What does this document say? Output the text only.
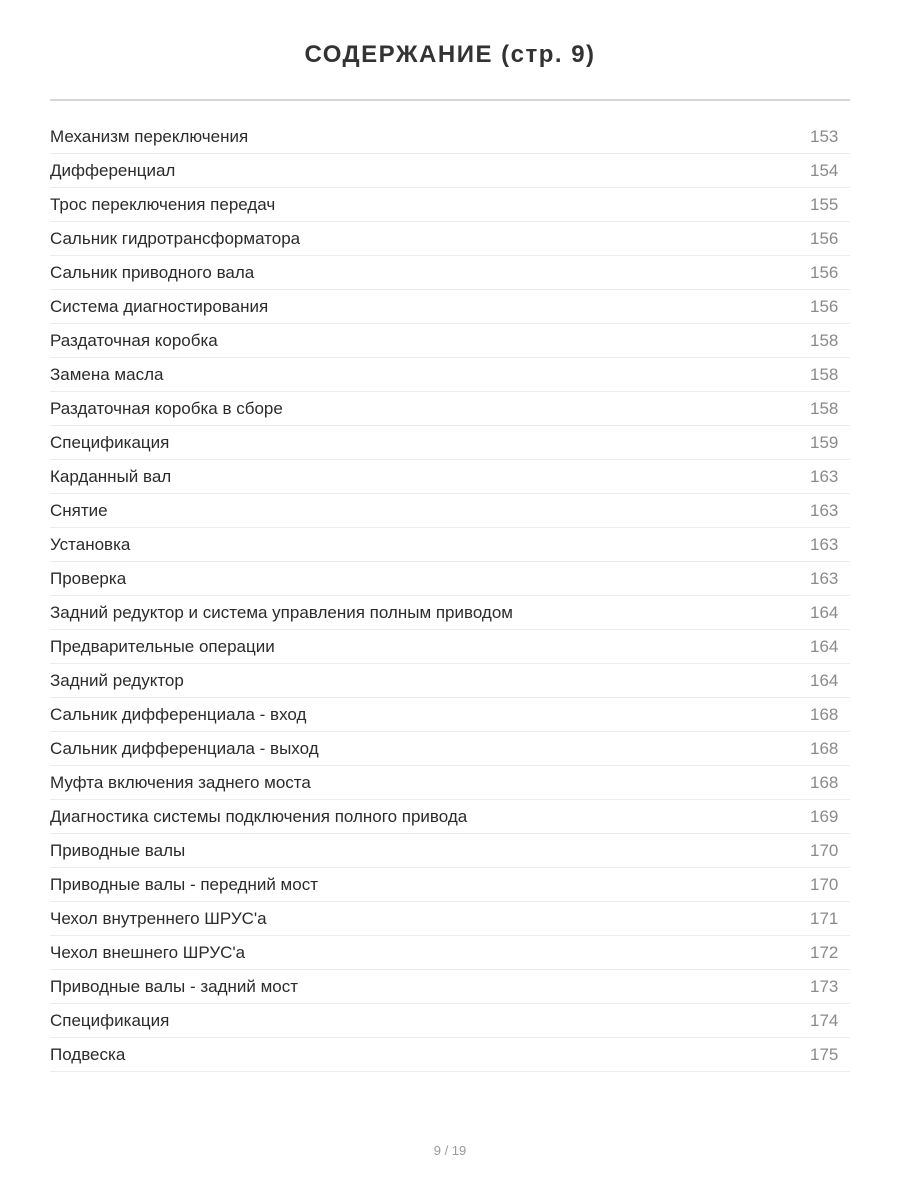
СОДЕРЖАНИЕ (стр. 9)
Механизм переключения	153
Дифференциал	154
Трос переключения передач	155
Сальник гидротрансформатора	156
Сальник приводного вала	156
Система диагностирования	156
Раздаточная коробка	158
Замена масла	158
Раздаточная коробка в сборе	158
Спецификация	159
Карданный вал	163
Снятие	163
Установка	163
Проверка	163
Задний редуктор и система управления полным приводом	164
Предварительные операции	164
Задний редуктор	164
Сальник дифференциала - вход	168
Сальник дифференциала - выход	168
Муфта включения заднего моста	168
Диагностика системы подключения полного привода	169
Приводные валы	170
Приводные валы - передний мост	170
Чехол внутреннего ШРУС'а	171
Чехол внешнего ШРУС'а	172
Приводные валы - задний мост	173
Спецификация	174
Подвеска	175
9 / 19
